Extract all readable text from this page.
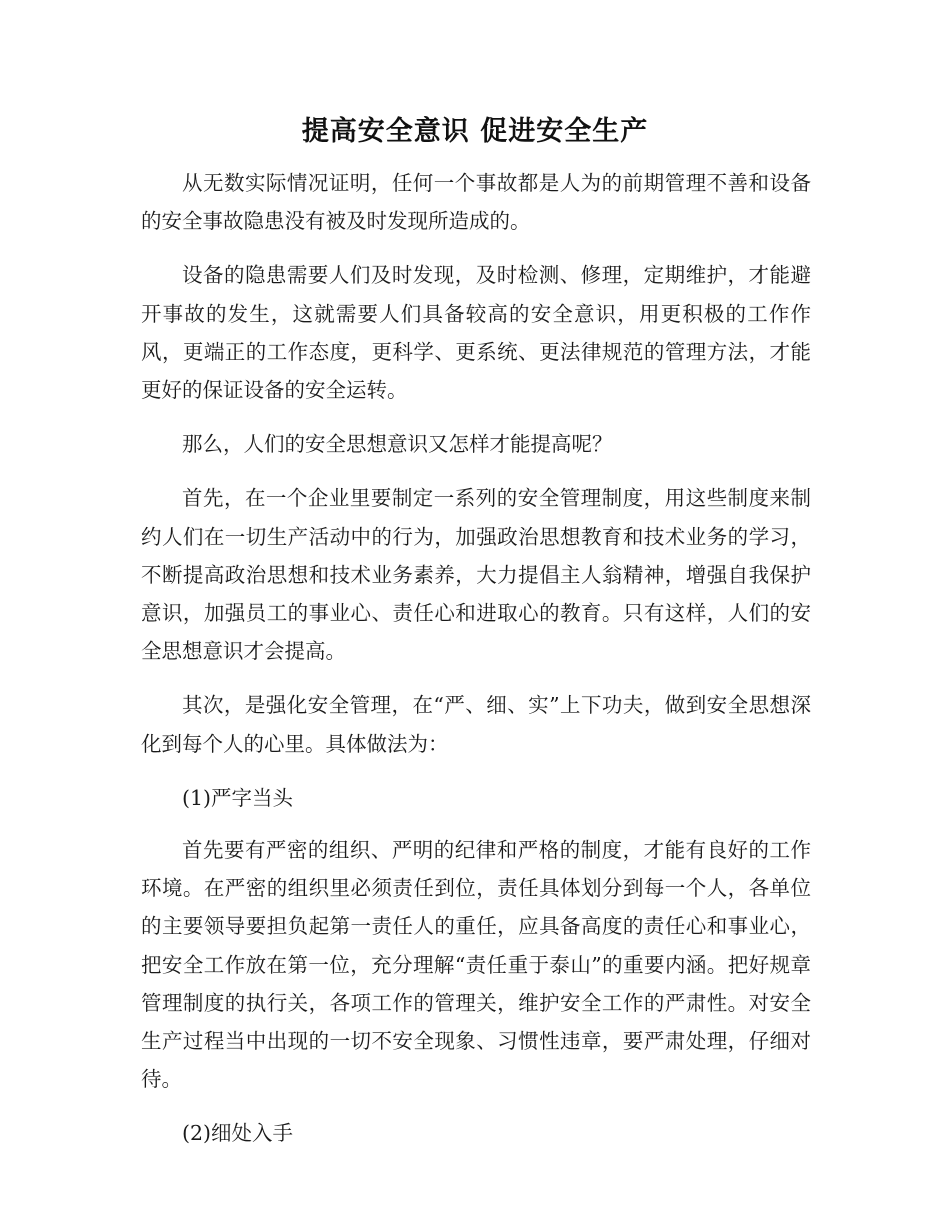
提高安全意识 促进安全生产

从无数实际情况证明，任何一个事故都是人为的前期管理不善和设备的安全事故隐患没有被及时发现所造成的。

设备的隐患需要人们及时发现，及时检测、修理，定期维护，才能避开事故的发生，这就需要人们具备较高的安全意识，用更积极的工作作风，更端正的工作态度，更科学、更系统、更法律规范的管理方法，才能更好的保证设备的安全运转。

那么，人们的安全思想意识又怎样才能提高呢？

首先，在一个企业里要制定一系列的安全管理制度，用这些制度来制约人们在一切生产活动中的行为，加强政治思想教育和技术业务的学习，不断提高政治思想和技术业务素养，大力提倡主人翁精神，增强自我保护意识，加强员工的事业心、责任心和进取心的教育。只有这样，人们的安全思想意识才会提高。

其次，是强化安全管理，在“严、细、实”上下功夫，做到安全思想深化到每个人的心里。具体做法为：

(1)严字当头

首先要有严密的组织、严明的纪律和严格的制度，才能有良好的工作环境。在严密的组织里必须责任到位，责任具体划分到每一个人，各单位的主要领导要担负起第一责任人的重任，应具备高度的责任心和事业心，把安全工作放在第一位，充分理解“责任重于泰山”的重要内涵。把好规章管理制度的执行关，各项工作的管理关，维护安全工作的严肃性。对安全生产过程当中出现的一切不安全现象、习惯性违章，要严肃处理，仔细对待。

(2)细处入手
